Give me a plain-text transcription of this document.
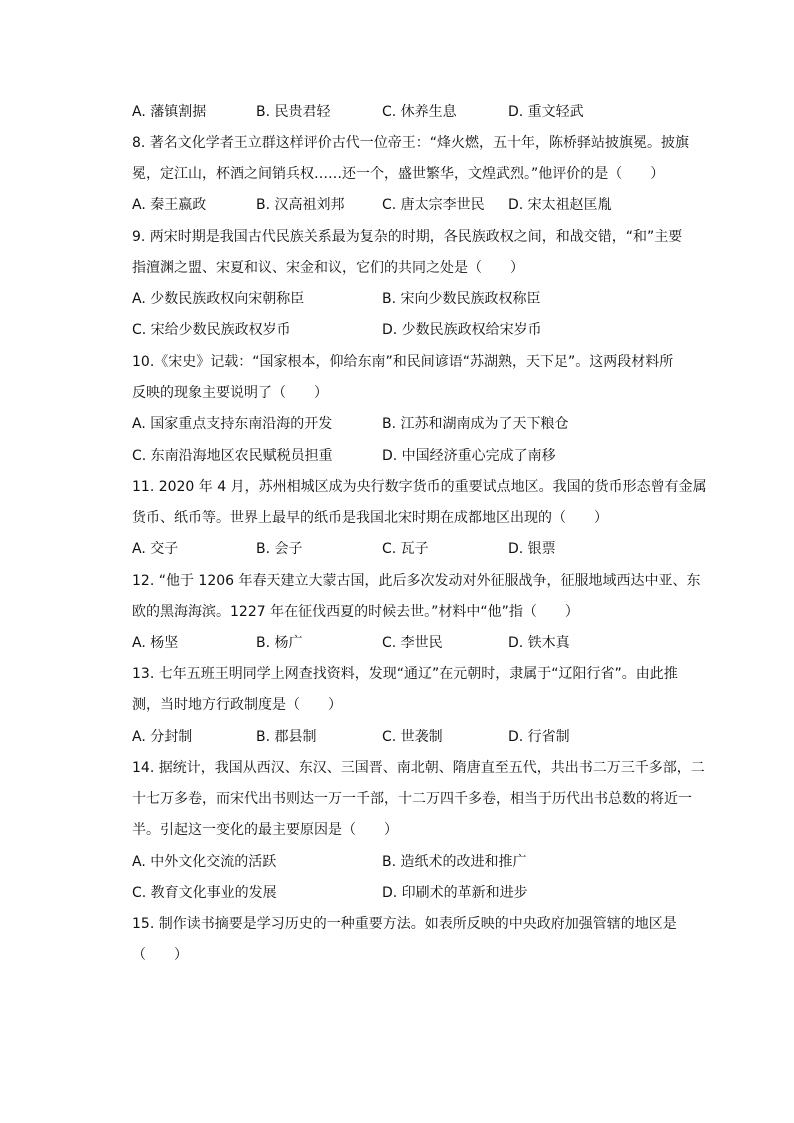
A. 藩镇割据	B. 民贵君轻	C. 休养生息	D. 重文轻武
8. 著名文化学者王立群这样评价古代一位帝王：“烽火燃，五十年，陈桥驿站披旗冕。披旗
冕，定江山，杯酒之间销兵权……还一个，盛世繁华，文煌武烈。”他评价的是（　　）
A. 秦王嬴政	B. 汉高祖刘邦	C. 唐太宗李世民 D. 宋太祖赵匡胤
9. 两宋时期是我国古代民族关系最为复杂的时期，各民族政权之间，和战交错，“和”主要
指澶渊之盟、宋夏和议、宋金和议，它们的共同之处是（　　）
A. 少数民族政权向宋朝称臣	B. 宋向少数民族政权称臣
C. 宋给少数民族政权岁币	D. 少数民族政权给宋岁币
10.《宋史》记载：“国家根本，仰给东南”和民间谚语“苏湖熟，天下足”。这两段材料所
反映的现象主要说明了（　　）
A. 国家重点支持东南沿海的开发	B. 江苏和湖南成为了天下粮仓
C. 东南沿海地区农民赋税员担重	D. 中国经济重心完成了南移
11. 2020 年 4 月，苏州相城区成为央行数字货币的重要试点地区。我国的货币形态曾有金属
货币、纸币等。世界上最早的纸币是我国北宋时期在成都地区出现的（　　）
A. 交子	B. 会子	C. 瓦子	D. 银票
12. “他于 1206 年春天建立大蒙古国，此后多次发动对外征服战争，征服地域西达中亚、东
欧的黑海海滨。1227 年在征伐西夏的时候去世。”材料中“他”指（　　）
A. 杨坚	B. 杨广	C. 李世民	D. 铁木真
13. 七年五班王明同学上网查找资料，发现“通辽”在元朝时，隶属于“辽阳行省”。由此推
测，当时地方行政制度是（　　）
A. 分封制	B. 郡县制	C. 世袭制	D. 行省制
14. 据统计，我国从西汉、东汉、三国晋、南北朝、隋唐直至五代，共出书二万三千多部，二
十七万多卷，而宋代出书则达一万一千部，十二万四千多卷，相当于历代出书总数的将近一
半。引起这一变化的最主要原因是（　　）
A. 中外文化交流的活跃	B. 造纸术的改进和推广
C. 教育文化事业的发展	D. 印刷术的革新和进步
15. 制作读书摘要是学习历史的一种重要方法。如表所反映的中央政府加强管辖的地区是
（　　）
